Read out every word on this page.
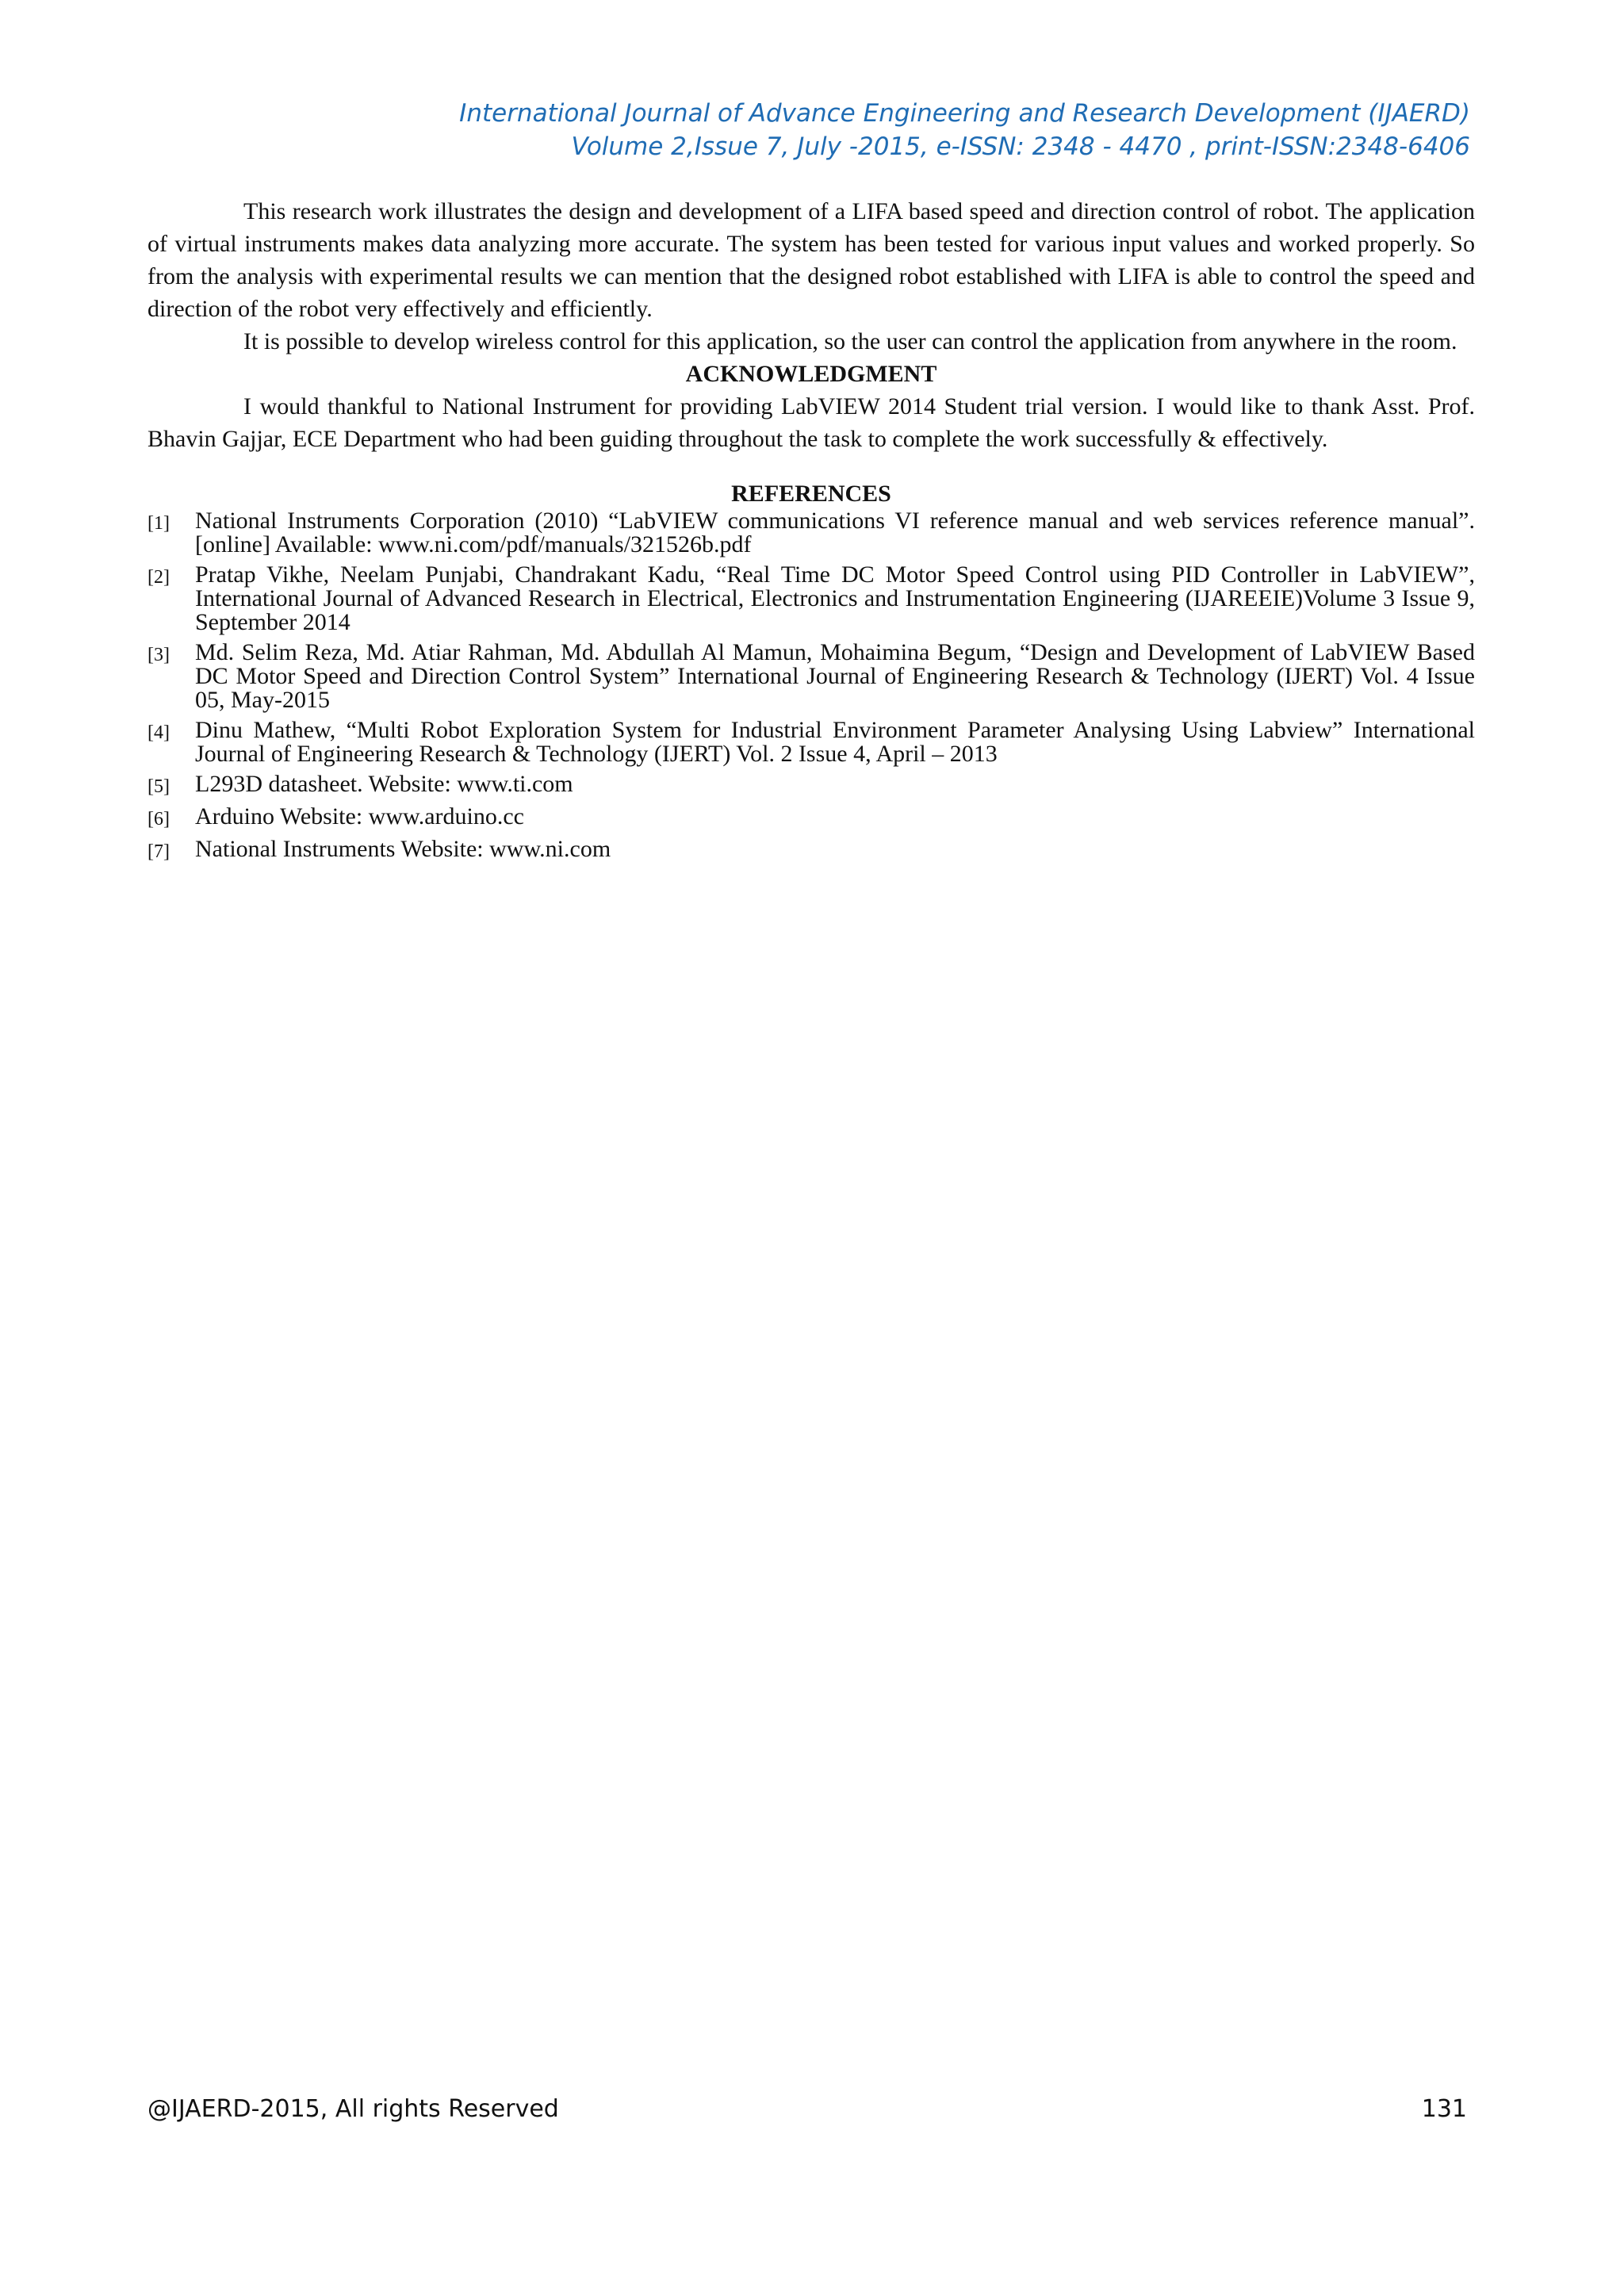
International Journal of Advance Engineering and Research Development (IJAERD)
Volume 2,Issue 7, July -2015, e-ISSN: 2348 - 4470 , print-ISSN:2348-6406

This research work illustrates the design and development of a LIFA based speed and direction control of robot. The application of virtual instruments makes data analyzing more accurate. The system has been tested for various input values and worked properly. So from the analysis with experimental results we can mention that the designed robot established with LIFA is able to control the speed and direction of the robot very effectively and efficiently.

It is possible to develop wireless control for this application, so the user can control the application from anywhere in the room.

ACKNOWLEDGMENT

I would thankful to National Instrument for providing LabVIEW 2014 Student trial version. I would like to thank Asst. Prof. Bhavin Gajjar, ECE Department who had been guiding throughout the task to complete the work successfully & effectively.

REFERENCES
[1]	National Instruments Corporation (2010) “LabVIEW communications VI reference manual and web services reference manual”. [online] Available: www.ni.com/pdf/manuals/321526b.pdf
[2]	Pratap Vikhe, Neelam Punjabi, Chandrakant Kadu, “Real Time DC Motor Speed Control using PID Controller in LabVIEW”, International Journal of Advanced Research in Electrical, Electronics and Instrumentation Engineering (IJAREEIE)Volume 3 Issue 9, September 2014
[3]	Md. Selim Reza, Md. Atiar Rahman, Md. Abdullah Al Mamun, Mohaimina Begum, “Design and Development of LabVIEW Based DC Motor Speed and Direction Control System” International Journal of Engineering Research & Technology (IJERT) Vol. 4 Issue 05, May-2015
[4]	Dinu Mathew, “Multi Robot Exploration System for Industrial Environment Parameter Analysing Using Labview” International Journal of Engineering Research & Technology (IJERT) Vol. 2 Issue 4, April – 2013
[5]	L293D datasheet. Website: www.ti.com
[6]	Arduino Website: www.arduino.cc
[7]	National Instruments Website: www.ni.com
@IJAERD-2015, All rights Reserved	131
